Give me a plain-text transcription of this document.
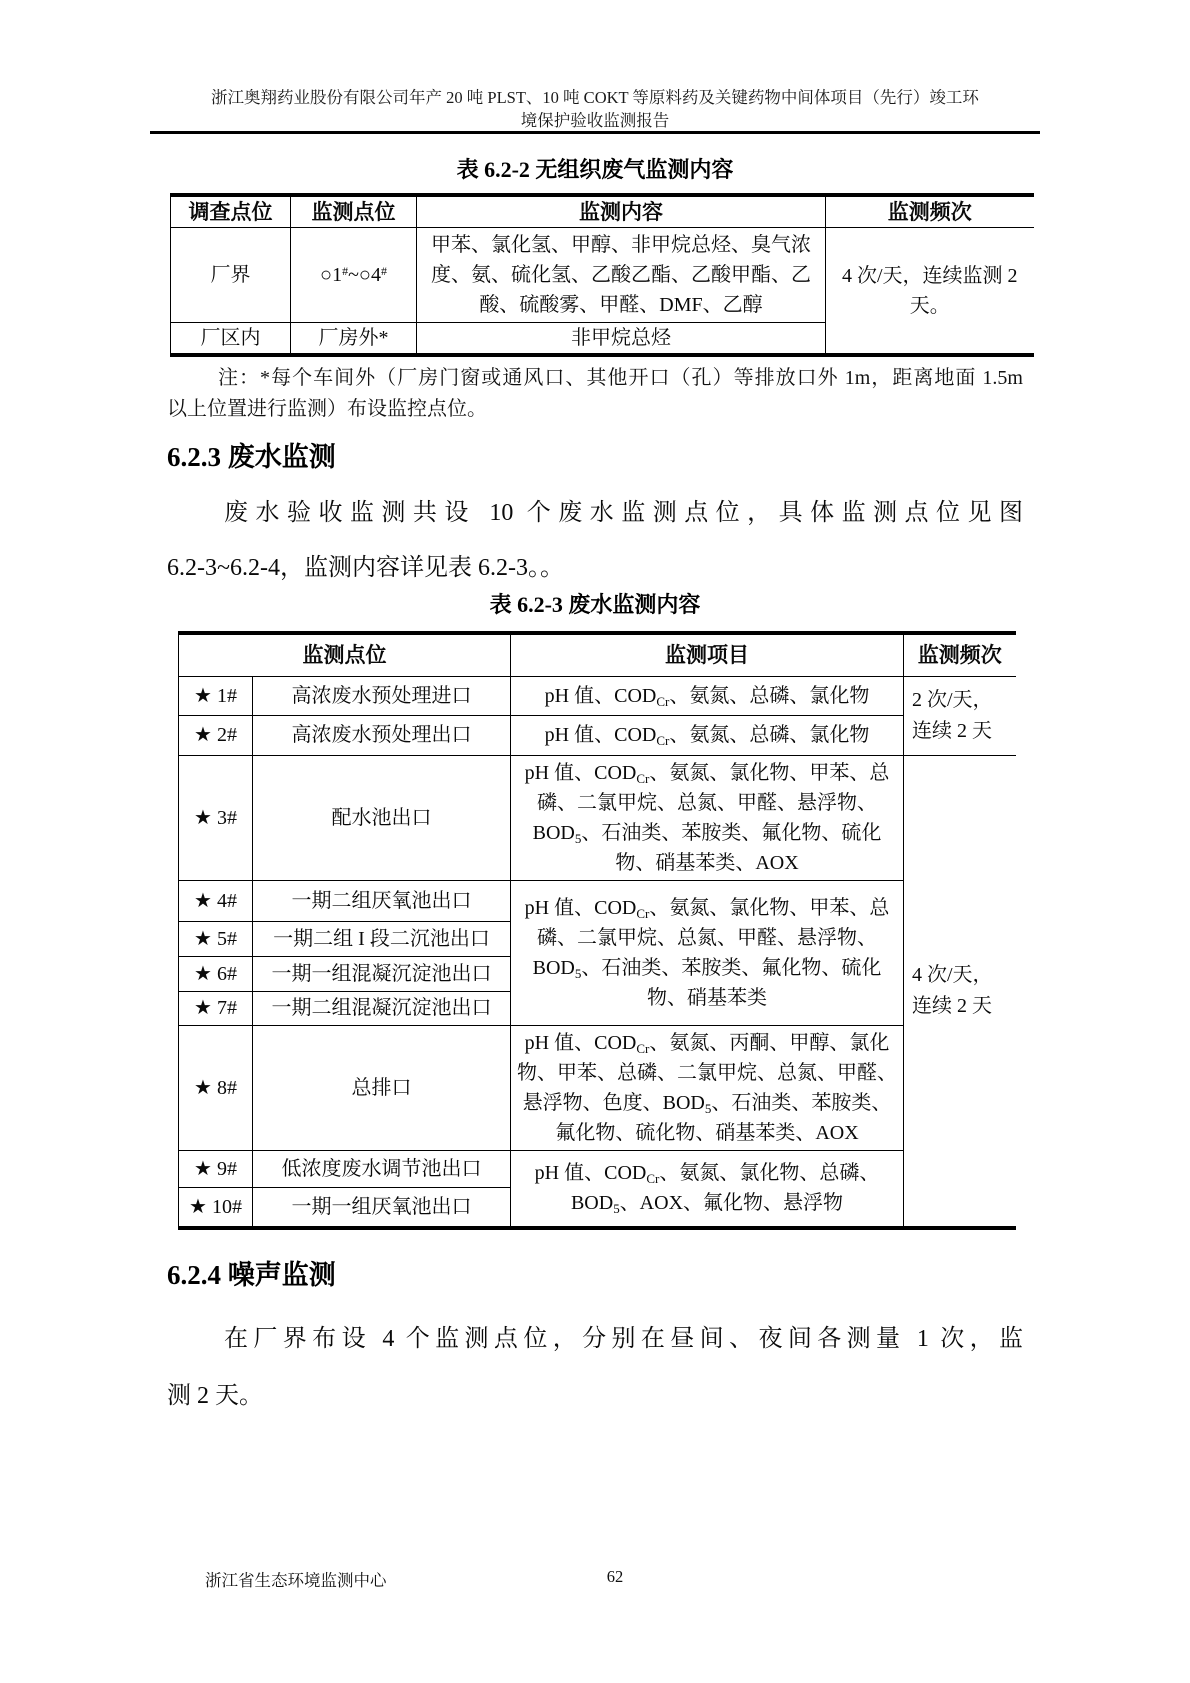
浙江奥翔药业股份有限公司年产 20 吨 PLST、10 吨 COKT 等原料药及关键药物中间体项目（先行）竣工环
境保护验收监测报告
表 6.2-2 无组织废气监测内容
调查点位	监测点位	监测内容	监测频次
厂界	○1#~○4#	甲苯、氯化氢、甲醇、非甲烷总烃、臭气浓度、氨、硫化氢、乙酸乙酯、乙酸甲酯、乙酸、硫酸雾、甲醛、DMF、乙醇	4 次/天，连续监测 2 天。
厂区内	厂房外*	非甲烷总烃	
注：*每个车间外（厂房门窗或通风口、其他开口（孔）等排放口外 1m，距离地面 1.5m
以上位置进行监测）布设监控点位。
6.2.3 废水监测
废水验收监测共设 10 个废水监测点位，具体监测点位见图
6.2-3~6.2-4，监测内容详见表 6.2-3。。
表 6.2-3 废水监测内容
监测点位		监测项目	监测频次
★ 1#	高浓废水预处理进口	pH 值、$COD_{Cr}$、氨氮、总磷、氯化物	2 次/天，连续 2 天
★ 2#	高浓废水预处理出口	pH 值、$COD_{Cr}$、氨氮、总磷、氯化物	
★ 3#	配水池出口	pH 值、$COD_{Cr}$、氨氮、氯化物、甲苯、总磷、二氯甲烷、总氮、甲醛、悬浮物、$BOD_5$、石油类、苯胺类、氟化物、硫化物、硝基苯类、AOX	4 次/天，连续 2 天
★ 4#	一期二组厌氧池出口	pH 值、$COD_{Cr}$、氨氮、氯化物、甲苯、总磷、二氯甲烷、总氮、甲醛、悬浮物、$BOD_5$、石油类、苯胺类、氟化物、硫化物、硝基苯类	
★ 5#	一期二组 I 段二沉池出口		
★ 6#	一期一组混凝沉淀池出口		
★ 7#	一期二组混凝沉淀池出口		
★ 8#	总排口	pH 值、$COD_{Cr}$、氨氮、丙酮、甲醇、氯化物、甲苯、总磷、二氯甲烷、总氮、甲醛、悬浮物、色度、$BOD_5$、石油类、苯胺类、氟化物、硫化物、硝基苯类、AOX	
★ 9#	低浓度废水调节池出口	pH 值、$COD_{Cr}$、氨氮、氯化物、总磷、$BOD_5$、AOX、氟化物、悬浮物	
★ 10#	一期一组厌氧池出口		
6.2.4 噪声监测
在厂界布设 4 个监测点位，分别在昼间、夜间各测量 1 次，监
测 2 天。
浙江省生态环境监测中心	62
